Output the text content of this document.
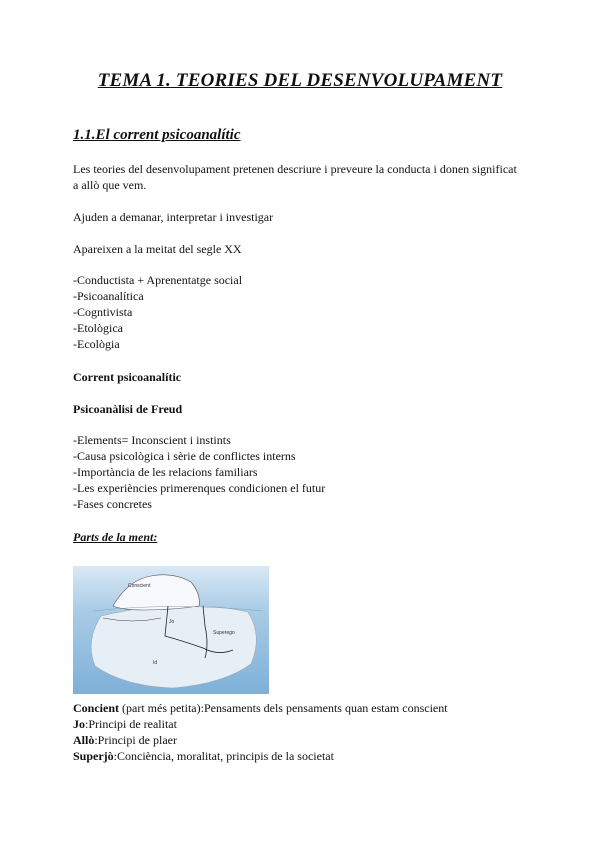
TEMA 1. TEORIES DEL DESENVOLUPAMENT
1.1.El corrent psicoanalític
Les teories del desenvolupament pretenen descriure i preveure la conducta i donen significat
a allò que vem.
Ajuden a demanar, interpretar i investigar
Apareixen a la meitat del segle XX
-Conductista + Aprenentatge social
-Psicoanalítica
-Cogntivista
-Etològica
-Ecològia
Corrent psicoanalític
Psicoanàlisi de Freud
-Elements= Inconscient i instints
-Causa psicològica i sèrie de conflictes interns
-Importància de les relacions familiars
-Les experiències primerenques condicionen el futur
-Fases concretes
Parts de la ment:
Conscient
Jo
Superego
Id
Concient (part més petita):Pensaments dels pensaments quan estam conscient
Jo:Principi de realitat
Allò:Principi de plaer
Superjò:Conciència, moralitat, principis de la societat
